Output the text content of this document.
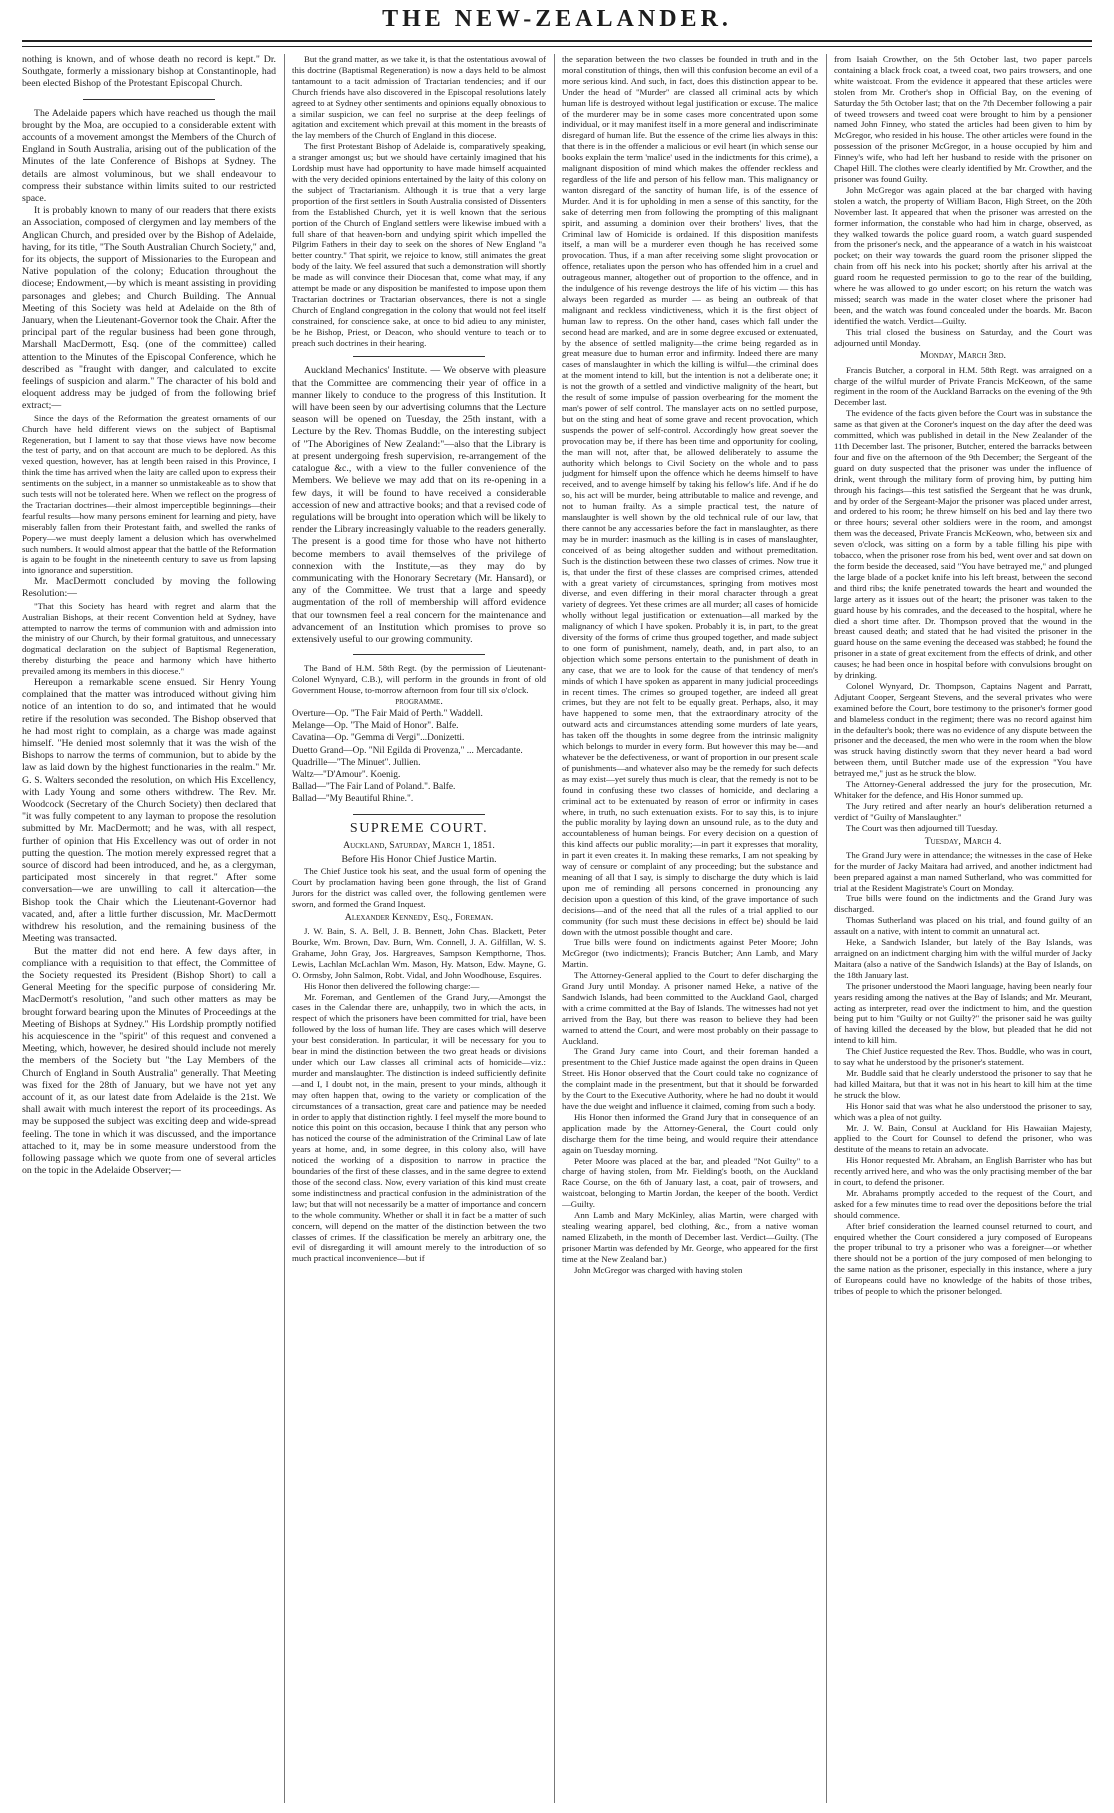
THE NEW-ZEALANDER.

nothing is known, and of whose death no record is kept." Dr. Southgate, formerly a missionary bishop at Constantinople, had been elected Bishop of the Protestant Episcopal Church.

The Adelaide papers which have reached us though the mail brought by the Moa, are occupied to a considerable extent with accounts of a movement amongst the Members of the Church of England in South Australia, arising out of the publication of the Minutes of the late Conference of Bishops at Sydney. The details are almost voluminous, but we shall endeavour to compress their substance within limits suited to our restricted space.

It is probably known to many of our readers that there exists an Association, composed of clergymen and lay members of the Anglican Church, and presided over by the Bishop of Adelaide, having, for its title, "The South Australian Church Society," and, for its objects, the support of Missionaries to the European and Native population of the colony; Education throughout the diocese; Endowment,—by which is meant assisting in providing parsonages and glebes; and Church Building. The Annual Meeting of this Society was held at Adelaide on the 8th of January, when the Lieutenant-Governor took the Chair. After the principal part of the regular business had been gone through, Marshall MacDermott, Esq. (one of the committee) called attention to the Minutes of the Episcopal Conference, which he described as "fraught with danger, and calculated to excite feelings of suspicion and alarm." The character of his bold and eloquent address may be judged of from the following brief extract;—

Since the days of the Reformation the greatest ornaments of our Church have held different views on the subject of Baptismal Regeneration, but I lament to say that those views have now become the test of party, and on that account are much to be deplored. As this vexed question, however, has at length been raised in this Province, I think the time has arrived when the laity are called upon to express their sentiments on the subject, in a manner so unmistakeable as to show that such tests will not be tolerated here. When we reflect on the progress of the Tractarian doctrines—their almost imperceptible beginnings—their fearful results—how many persons eminent for learning and piety, have miserably fallen from their Protestant faith, and swelled the ranks of Popery—we must deeply lament a delusion which has overwhelmed such numbers. It would almost appear that the battle of the Reformation is again to be fought in the nineteenth century to save us from lapsing into ignorance and superstition.

Mr. MacDermott concluded by moving the following Resolution:—

"That this Society has heard with regret and alarm that the Australian Bishops, at their recent Convention held at Sydney, have attempted to narrow the terms of communion with and admission into the ministry of our Church, by their formal gratuitous, and unnecessary dogmatical declaration on the subject of Baptismal Regeneration, thereby disturbing the peace and harmony which have hitherto prevailed among its members in this diocese."

Hereupon a remarkable scene ensued. Sir Henry Young complained that the matter was introduced without giving him notice of an intention to do so, and intimated that he would retire if the resolution was seconded. The Bishop observed that he had most right to complain, as a charge was made against himself. "He denied most solemnly that it was the wish of the Bishops to narrow the terms of communion, but to abide by the law as laid down by the highest functionaries in the realm." Mr. G. S. Walters seconded the resolution, on which His Excellency, with Lady Young and some others withdrew. The Rev. Mr. Woodcock (Secretary of the Church Society) then declared that "it was fully competent to any layman to propose the resolution submitted by Mr. MacDermott; and he was, with all respect, further of opinion that His Excellency was out of order in not putting the question. The motion merely expressed regret that a source of discord had been introduced, and he, as a clergyman, participated most sincerely in that regret." After some conversation—we are unwilling to call it altercation—the Bishop took the Chair which the Lieutenant-Governor had vacated, and, after a little further discussion, Mr. MacDermott withdrew his resolution, and the remaining business of the Meeting was transacted.

But the matter did not end here. A few days after, in compliance with a requisition to that effect, the Committee of the Society requested its President (Bishop Short) to call a General Meeting for the specific purpose of considering Mr. MacDermott's resolution, "and such other matters as may be brought forward bearing upon the Minutes of Proceedings at the Meeting of Bishops at Sydney." His Lordship promptly notified his acquiescence in the "spirit" of this request and convened a Meeting, which, however, he desired should include not merely the members of the Society but "the Lay Members of the Church of England in South Australia" generally. That Meeting was fixed for the 28th of January, but we have not yet any account of it, as our latest date from Adelaide is the 21st. We shall await with much interest the report of its proceedings. As may be supposed the subject was exciting deep and wide-spread feeling. The tone in which it was discussed, and the importance attached to it, may be in some measure understood from the following passage which we quote from one of several articles on the topic in the Adelaide Observer;—

But the grand matter, as we take it, is that the ostentatious avowal of this doctrine (Baptismal Regeneration) is now a days held to be almost tantamount to a tacit admission of Tractarian tendencies; and if our Church friends have also discovered in the Episcopal resolutions lately agreed to at Sydney other sentiments and opinions equally obnoxious to a similar suspicion, we can feel no surprise at the deep feelings of agitation and excitement which prevail at this moment in the breasts of the lay members of the Church of England in this diocese.

The first Protestant Bishop of Adelaide is, comparatively speaking, a stranger amongst us; but we should have certainly imagined that his Lordship must have had opportunity to have made himself acquainted with the very decided opinions entertained by the laity of this colony on the subject of Tractarianism. Although it is true that a very large proportion of the first settlers in South Australia consisted of Dissenters from the Established Church, yet it is well known that the serious portion of the Church of England settlers were likewise imbued with a full share of that heaven-born and undying spirit which impelled the Pilgrim Fathers in their day to seek on the shores of New England "a better country." That spirit, we rejoice to know, still animates the great body of the laity. We feel assured that such a demonstration will shortly be made as will convince their Diocesan that, come what may, if any attempt be made or any disposition be manifested to impose upon them Tractarian doctrines or Tractarian observances, there is not a single Church of England congregation in the colony that would not feel itself constrained, for conscience sake, at once to bid adieu to any minister, be he Bishop, Priest, or Deacon, who should venture to teach or to preach such doctrines in their hearing.

Auckland Mechanics' Institute. — We observe with pleasure that the Committee are commencing their year of office in a manner likely to conduce to the progress of this Institution. It will have been seen by our advertising columns that the Lecture season will be opened on Tuesday, the 25th instant, with a Lecture by the Rev. Thomas Buddle, on the interesting subject of "The Aborigines of New Zealand:"—also that the Library is at present undergoing fresh supervision, re-arrangement of the catalogue &c., with a view to the fuller convenience of the Members. We believe we may add that on its re-opening in a few days, it will be found to have received a considerable accession of new and attractive books; and that a revised code of regulations will be brought into operation which will be likely to render the Library increasingly valuable to the readers generally. The present is a good time for those who have not hitherto become members to avail themselves of the privilege of connexion with the Institute,—as they may do by communicating with the Honorary Secretary (Mr. Hansard), or any of the Committee. We trust that a large and speedy augmentation of the roll of membership will afford evidence that our townsmen feel a real concern for the maintenance and advancement of an Institution which promises to prove so extensively useful to our growing community.

The Band of H.M. 58th Regt. (by the permission of Lieutenant-Colonel Wynyard, C.B.), will perform in the grounds in front of old Government House, to-morrow afternoon from four till six o'clock.

programme.

Overture—Op. "The Fair Maid of Perth." Waddell.

Melange—Op. "The Maid of Honor". Balfe.

Cavatina—Op. "Gemma di Vergi"...Donizetti.

Duetto Grand—Op. "Nil Egilda di Provenza," ... Mercadante.

Quadrille—"The Minuet". Jullien.

Waltz—"D'Amour". Koenig.

Ballad—"The Fair Land of Poland.". Balfe.

Ballad—"My Beautiful Rhine.".

SUPREME COURT.
Auckland, Saturday, March 1, 1851.
Before His Honor Chief Justice Martin.

The Chief Justice took his seat, and the usual form of opening the Court by proclamation having been gone through, the list of Grand Jurors for the district was called over, the following gentlemen were sworn, and formed the Grand Inquest.

Alexander Kennedy, Esq., Foreman.

J. W. Bain, S. A. Bell, J. B. Bennett, John Chas. Blackett, Peter Bourke, Wm. Brown, Dav. Burn, Wm. Connell, J. A. Gilfillan, W. S. Grahame, John Gray, Jos. Hargreaves, Sampson Kempthorne, Thos. Lewis, Lachlan McLachlan Wm. Mason, Hy. Matson, Edw. Mayne, G. O. Ormsby, John Salmon, Robt. Vidal, and John Woodhouse, Esquires.

His Honor then delivered the following charge:—

Mr. Foreman, and Gentlemen of the Grand Jury,—Amongst the cases in the Calendar there are, unhappily, two in which the acts, in respect of which the prisoners have been committed for trial, have been followed by the loss of human life. They are cases which will deserve your best consideration. In particular, it will be necessary for you to bear in mind the distinction between the two great heads or divisions under which our Law classes all criminal acts of homicide—viz.: murder and manslaughter. The distinction is indeed sufficiently definite—and I, I doubt not, in the main, present to your minds, although it may often happen that, owing to the variety or complication of the circumstances of a transaction, great care and patience may be needed in order to apply that distinction rightly. I feel myself the more bound to notice this point on this occasion, because I think that any person who has noticed the course of the administration of the Criminal Law of late years at home, and, in some degree, in this colony also, will have noticed the working of a disposition to narrow in practice the boundaries of the first of these classes, and in the same degree to extend those of the second class. Now, every variation of this kind must create some indistinctness and practical confusion in the administration of the law; but that will not necessarily be a matter of importance and concern to the whole community. Whether or shall it in fact be a matter of such concern, will depend on the matter of the distinction between the two classes of crimes. If the classification be merely an arbitrary one, the evil of disregarding it will amount merely to the introduction of so much practical inconvenience—but if

the separation between the two classes be founded in truth and in the moral constitution of things, then will this confusion become an evil of a more serious kind. And such, in fact, does this distinction appear to be. Under the head of "Murder" are classed all criminal acts by which human life is destroyed without legal justification or excuse. The malice of the murderer may be in some cases more concentrated upon some individual, or it may manifest itself in a more general and indiscriminate disregard of human life. But the essence of the crime lies always in this: that there is in the offender a malicious or evil heart (in which sense our books explain the term 'malice' used in the indictments for this crime), a malignant disposition of mind which makes the offender reckless and regardless of the life and person of his fellow man. This malignancy or wanton disregard of the sanctity of human life, is of the essence of Murder. And it is for upholding in men a sense of this sanctity, for the sake of deterring men from following the prompting of this malignant spirit, and assuming a dominion over their brothers' lives, that the Criminal law of Homicide is ordained. If this disposition manifests itself, a man will be a murderer even though he has received some provocation. Thus, if a man after receiving some slight provocation or offence, retaliates upon the person who has offended him in a cruel and outrageous manner, altogether out of proportion to the offence, and in the indulgence of his revenge destroys the life of his victim — this has always been regarded as murder — as being an outbreak of that malignant and reckless vindictiveness, which it is the first object of human law to repress. On the other hand, cases which fall under the second head are marked, and are in some degree excused or extenuated, by the absence of settled malignity—the crime being regarded as in great measure due to human error and infirmity. Indeed there are many cases of manslaughter in which the killing is wilful—the criminal does at the moment intend to kill, but the intention is not a deliberate one; it is not the growth of a settled and vindictive malignity of the heart, but the result of some impulse of passion overbearing for the moment the man's power of self control. The manslayer acts on no settled purpose, but on the sting and heat of some grave and recent provocation, which suspends the power of self-control. Accordingly how great soever the provocation may be, if there has been time and opportunity for cooling, the man will not, after that, be allowed deliberately to assume the authority which belongs to Civil Society on the whole and to pass judgment for himself upon the offence which he deems himself to have received, and to avenge himself by taking his fellow's life. And if he do so, his act will be murder, being attributable to malice and revenge, and not to human frailty. As a simple practical test, the nature of manslaughter is well shown by the old technical rule of our law, that there cannot be any accessaries before the fact in manslaughter, as there may be in murder: inasmuch as the killing is in cases of manslaughter, conceived of as being altogether sudden and without premeditation. Such is the distinction between these two classes of crimes. Now true it is, that under the first of these classes are comprised crimes, attended with a great variety of circumstances, springing from motives most diverse, and even differing in their moral character through a great variety of degrees. Yet these crimes are all murder; all cases of homicide wholly without legal justification or extenuation—all marked by the malignancy of which I have spoken. Probably it is, in part, to the great diversity of the forms of crime thus grouped together, and made subject to one form of punishment, namely, death, and, in part also, to an objection which some persons entertain to the punishment of death in any case, that we are to look for the cause of that tendency of men's minds of which I have spoken as apparent in many judicial proceedings in recent times. The crimes so grouped together, are indeed all great crimes, but they are not felt to be equally great. Perhaps, also, it may have happened to some men, that the extraordinary atrocity of the outward acts and circumstances attending some murders of late years, has taken off the thoughts in some degree from the intrinsic malignity which belongs to murder in every form. But however this may be—and whatever be the defectiveness, or want of proportion in our present scale of punishments—and whatever also may be the remedy for such defects as may exist—yet surely thus much is clear, that the remedy is not to be found in confusing these two classes of homicide, and declaring a criminal act to be extenuated by reason of error or infirmity in cases where, in truth, no such extenuation exists. For to say this, is to injure the public morality by laying down an unsound rule, as to the duty and accountableness of human beings. For every decision on a question of this kind affects our public morality;—in part it expresses that morality, in part it even creates it. In making these remarks, I am not speaking by way of censure or complaint of any proceeding; but the substance and meaning of all that I say, is simply to discharge the duty which is laid upon me of reminding all persons concerned in pronouncing any decision upon a question of this kind, of the grave importance of such decisions—and of the need that all the rules of a trial applied to our community (for such must these decisions in effect be) should be laid down with the utmost possible thought and care.

True bills were found on indictments against Peter Moore; John McGregor (two indictments); Francis Butcher; Ann Lamb, and Mary Martin.

The Attorney-General applied to the Court to defer discharging the Grand Jury until Monday. A prisoner named Heke, a native of the Sandwich Islands, had been committed to the Auckland Gaol, charged with a crime committed at the Bay of Islands. The witnesses had not yet arrived from the Bay, but there was reason to believe they had been warned to attend the Court, and were most probably on their passage to Auckland.

The Grand Jury came into Court, and their foreman handed a presentment to the Chief Justice made against the open drains in Queen Street. His Honor observed that the Court could take no cognizance of the complaint made in the presentment, but that it should be forwarded by the Court to the Executive Authority, where he had no doubt it would have the due weight and influence it claimed, coming from such a body.

His Honor then informed the Grand Jury that in consequence of an application made by the Attorney-General, the Court could only discharge them for the time being, and would require their attendance again on Tuesday morning.

Peter Moore was placed at the bar, and pleaded "Not Guilty" to a charge of having stolen, from Mr. Fielding's booth, on the Auckland Race Course, on the 6th of January last, a coat, pair of trowsers, and waistcoat, belonging to Martin Jordan, the keeper of the booth. Verdict—Guilty.

Ann Lamb and Mary McKinley, alias Martin, were charged with stealing wearing apparel, bed clothing, &c., from a native woman named Elizabeth, in the month of December last. Verdict—Guilty. (The prisoner Martin was defended by Mr. George, who appeared for the first time at the New Zealand bar.)

John McGregor was charged with having stolen

from Isaiah Crowther, on the 5th October last, two paper parcels containing a black frock coat, a tweed coat, two pairs trowsers, and one white waistcoat. From the evidence it appeared that these articles were stolen from Mr. Crother's shop in Official Bay, on the evening of Saturday the 5th October last; that on the 7th December following a pair of tweed trowsers and tweed coat were brought to him by a pensioner named John Finney, who stated the articles had been given to him by McGregor, who resided in his house. The other articles were found in the possession of the prisoner McGregor, in a house occupied by him and Finney's wife, who had left her husband to reside with the prisoner on Chapel Hill. The clothes were clearly identified by Mr. Crowther, and the prisoner was found Guilty.

John McGregor was again placed at the bar charged with having stolen a watch, the property of William Bacon, High Street, on the 20th November last. It appeared that when the prisoner was arrested on the former information, the constable who had him in charge, observed, as they walked towards the police guard room, a watch guard suspended from the prisoner's neck, and the appearance of a watch in his waistcoat pocket; on their way towards the guard room the prisoner slipped the chain from off his neck into his pocket; shortly after his arrival at the guard room he requested permission to go to the rear of the building, where he was allowed to go under escort; on his return the watch was missed; search was made in the water closet where the prisoner had been, and the watch was found concealed under the boards. Mr. Bacon identified the watch. Verdict—Guilty.

This trial closed the business on Saturday, and the Court was adjourned until Monday.

Monday, March 3rd.

Francis Butcher, a corporal in H.M. 58th Regt. was arraigned on a charge of the wilful murder of Private Francis McKeown, of the same regiment in the room of the Auckland Barracks on the evening of the 9th December last.

The evidence of the facts given before the Court was in substance the same as that given at the Coroner's inquest on the day after the deed was committed, which was published in detail in the New Zealander of the 11th December last. The prisoner, Butcher, entered the barracks between four and five on the afternoon of the 9th December; the Sergeant of the guard on duty suspected that the prisoner was under the influence of drink, went through the military form of proving him, by putting him through his facings—this test satisfied the Sergeant that he was drunk, and by order of the Sergeant-Major the prisoner was placed under arrest, and ordered to his room; he threw himself on his bed and lay there two or three hours; several other soldiers were in the room, and amongst them was the deceased, Private Francis McKeown, who, between six and seven o'clock, was sitting on a form by a table filling his pipe with tobacco, when the prisoner rose from his bed, went over and sat down on the form beside the deceased, said "You have betrayed me," and plunged the large blade of a pocket knife into his left breast, between the second and third ribs; the knife penetrated towards the heart and wounded the large artery as it issues out of the heart; the prisoner was taken to the guard house by his comrades, and the deceased to the hospital, where he died a short time after. Dr. Thompson proved that the wound in the breast caused death; and stated that he had visited the prisoner in the guard house on the same evening the deceased was stabbed; he found the prisoner in a state of great excitement from the effects of drink, and other causes; he had been once in hospital before with convulsions brought on by drinking.

Colonel Wynyard, Dr. Thompson, Captains Nagent and Parratt, Adjutant Cooper, Sergeant Stevens, and the several privates who were examined before the Court, bore testimony to the prisoner's former good and blameless conduct in the regiment; there was no record against him in the defaulter's book; there was no evidence of any dispute between the prisoner and the deceased, the men who were in the room when the blow was struck having distinctly sworn that they never heard a bad word between them, until Butcher made use of the expression "You have betrayed me," just as he struck the blow.

The Attorney-General addressed the jury for the prosecution, Mr. Whitaker for the defence, and His Honor summed up.

The Jury retired and after nearly an hour's deliberation returned a verdict of "Guilty of Manslaughter."

The Court was then adjourned till Tuesday.

Tuesday, March 4.

The Grand Jury were in attendance; the witnesses in the case of Heke for the murder of Jacky Maitara had arrived, and another indictment had been prepared against a man named Sutherland, who was committed for trial at the Resident Magistrate's Court on Monday.

True bills were found on the indictments and the Grand Jury was discharged.

Thomas Sutherland was placed on his trial, and found guilty of an assault on a native, with intent to commit an unnatural act.

Heke, a Sandwich Islander, but lately of the Bay Islands, was arraigned on an indictment charging him with the wilful murder of Jacky Maitara (also a native of the Sandwich Islands) at the Bay of Islands, on the 18th January last.

The prisoner understood the Maori language, having been nearly four years residing among the natives at the Bay of Islands; and Mr. Meurant, acting as interpreter, read over the indictment to him, and the question being put to him "Guilty or not Guilty?" the prisoner said he was guilty of having killed the deceased by the blow, but pleaded that he did not intend to kill him.

The Chief Justice requested the Rev. Thos. Buddle, who was in court, to say what he understood by the prisoner's statement.

Mr. Buddle said that he clearly understood the prisoner to say that he had killed Maitara, but that it was not in his heart to kill him at the time he struck the blow.

His Honor said that was what he also understood the prisoner to say, which was a plea of not guilty.

Mr. J. W. Bain, Consul at Auckland for His Hawaiian Majesty, applied to the Court for Counsel to defend the prisoner, who was destitute of the means to retain an advocate.

His Honor requested Mr. Abraham, an English Barrister who has but recently arrived here, and who was the only practising member of the bar in court, to defend the prisoner.

Mr. Abrahams promptly acceded to the request of the Court, and asked for a few minutes time to read over the depositions before the trial should commence.

After brief consideration the learned counsel returned to court, and enquired whether the Court considered a jury composed of Europeans the proper tribunal to try a prisoner who was a foreigner—or whether there should not be a portion of the jury composed of men belonging to the same nation as the prisoner, especially in this instance, where a jury of Europeans could have no knowledge of the habits of those tribes, tribes of people to which the prisoner belonged.
